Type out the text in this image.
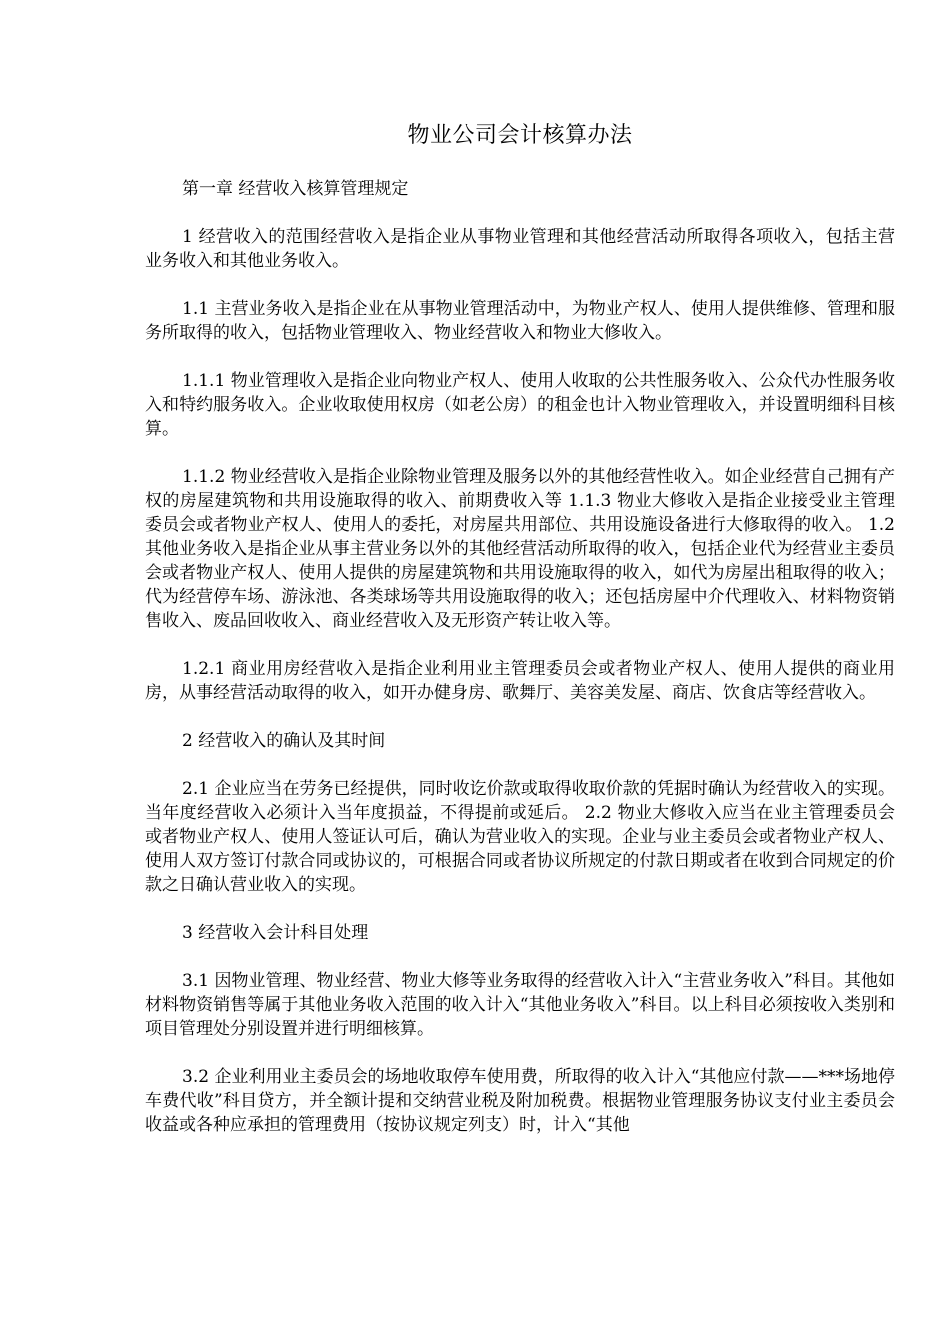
物业公司会计核算办法

第一章 经营收入核算管理规定

1 经营收入的范围经营收入是指企业从事物业管理和其他经营活动所取得各项收入，包括主营业务收入和其他业务收入。

1.1 主营业务收入是指企业在从事物业管理活动中，为物业产权人、使用人提供维修、管理和服务所取得的收入，包括物业管理收入、物业经营收入和物业大修收入。

1.1.1 物业管理收入是指企业向物业产权人、使用人收取的公共性服务收入、公众代办性服务收入和特约服务收入。企业收取使用权房（如老公房）的租金也计入物业管理收入，并设置明细科目核算。

1.1.2 物业经营收入是指企业除物业管理及服务以外的其他经营性收入。如企业经营自己拥有产权的房屋建筑物和共用设施取得的收入、前期费收入等 1.1.3 物业大修收入是指企业接受业主管理委员会或者物业产权人、使用人的委托，对房屋共用部位、共用设施设备进行大修取得的收入。 1.2 其他业务收入是指企业从事主营业务以外的其他经营活动所取得的收入，包括企业代为经营业主委员会或者物业产权人、使用人提供的房屋建筑物和共用设施取得的收入，如代为房屋出租取得的收入；代为经营停车场、游泳池、各类球场等共用设施取得的收入；还包括房屋中介代理收入、材料物资销售收入、废品回收收入、商业经营收入及无形资产转让收入等。

1.2.1 商业用房经营收入是指企业利用业主管理委员会或者物业产权人、使用人提供的商业用房，从事经营活动取得的收入，如开办健身房、歌舞厅、美容美发屋、商店、饮食店等经营收入。

2 经营收入的确认及其时间

2.1 企业应当在劳务已经提供，同时收讫价款或取得收取价款的凭据时确认为经营收入的实现。当年度经营收入必须计入当年度损益，不得提前或延后。 2.2 物业大修收入应当在业主管理委员会或者物业产权人、使用人签证认可后，确认为营业收入的实现。企业与业主委员会或者物业产权人、使用人双方签订付款合同或协议的，可根据合同或者协议所规定的付款日期或者在收到合同规定的价款之日确认营业收入的实现。

3 经营收入会计科目处理

3.1 因物业管理、物业经营、物业大修等业务取得的经营收入计入“主营业务收入”科目。其他如材料物资销售等属于其他业务收入范围的收入计入“其他业务收入”科目。以上科目必须按收入类别和项目管理处分别设置并进行明细核算。

3.2 企业利用业主委员会的场地收取停车使用费，所取得的收入计入“其他应付款——***场地停车费代收”科目贷方，并全额计提和交纳营业税及附加税费。根据物业管理服务协议支付业主委员会收益或各种应承担的管理费用（按协议规定列支）时，计入“其他
